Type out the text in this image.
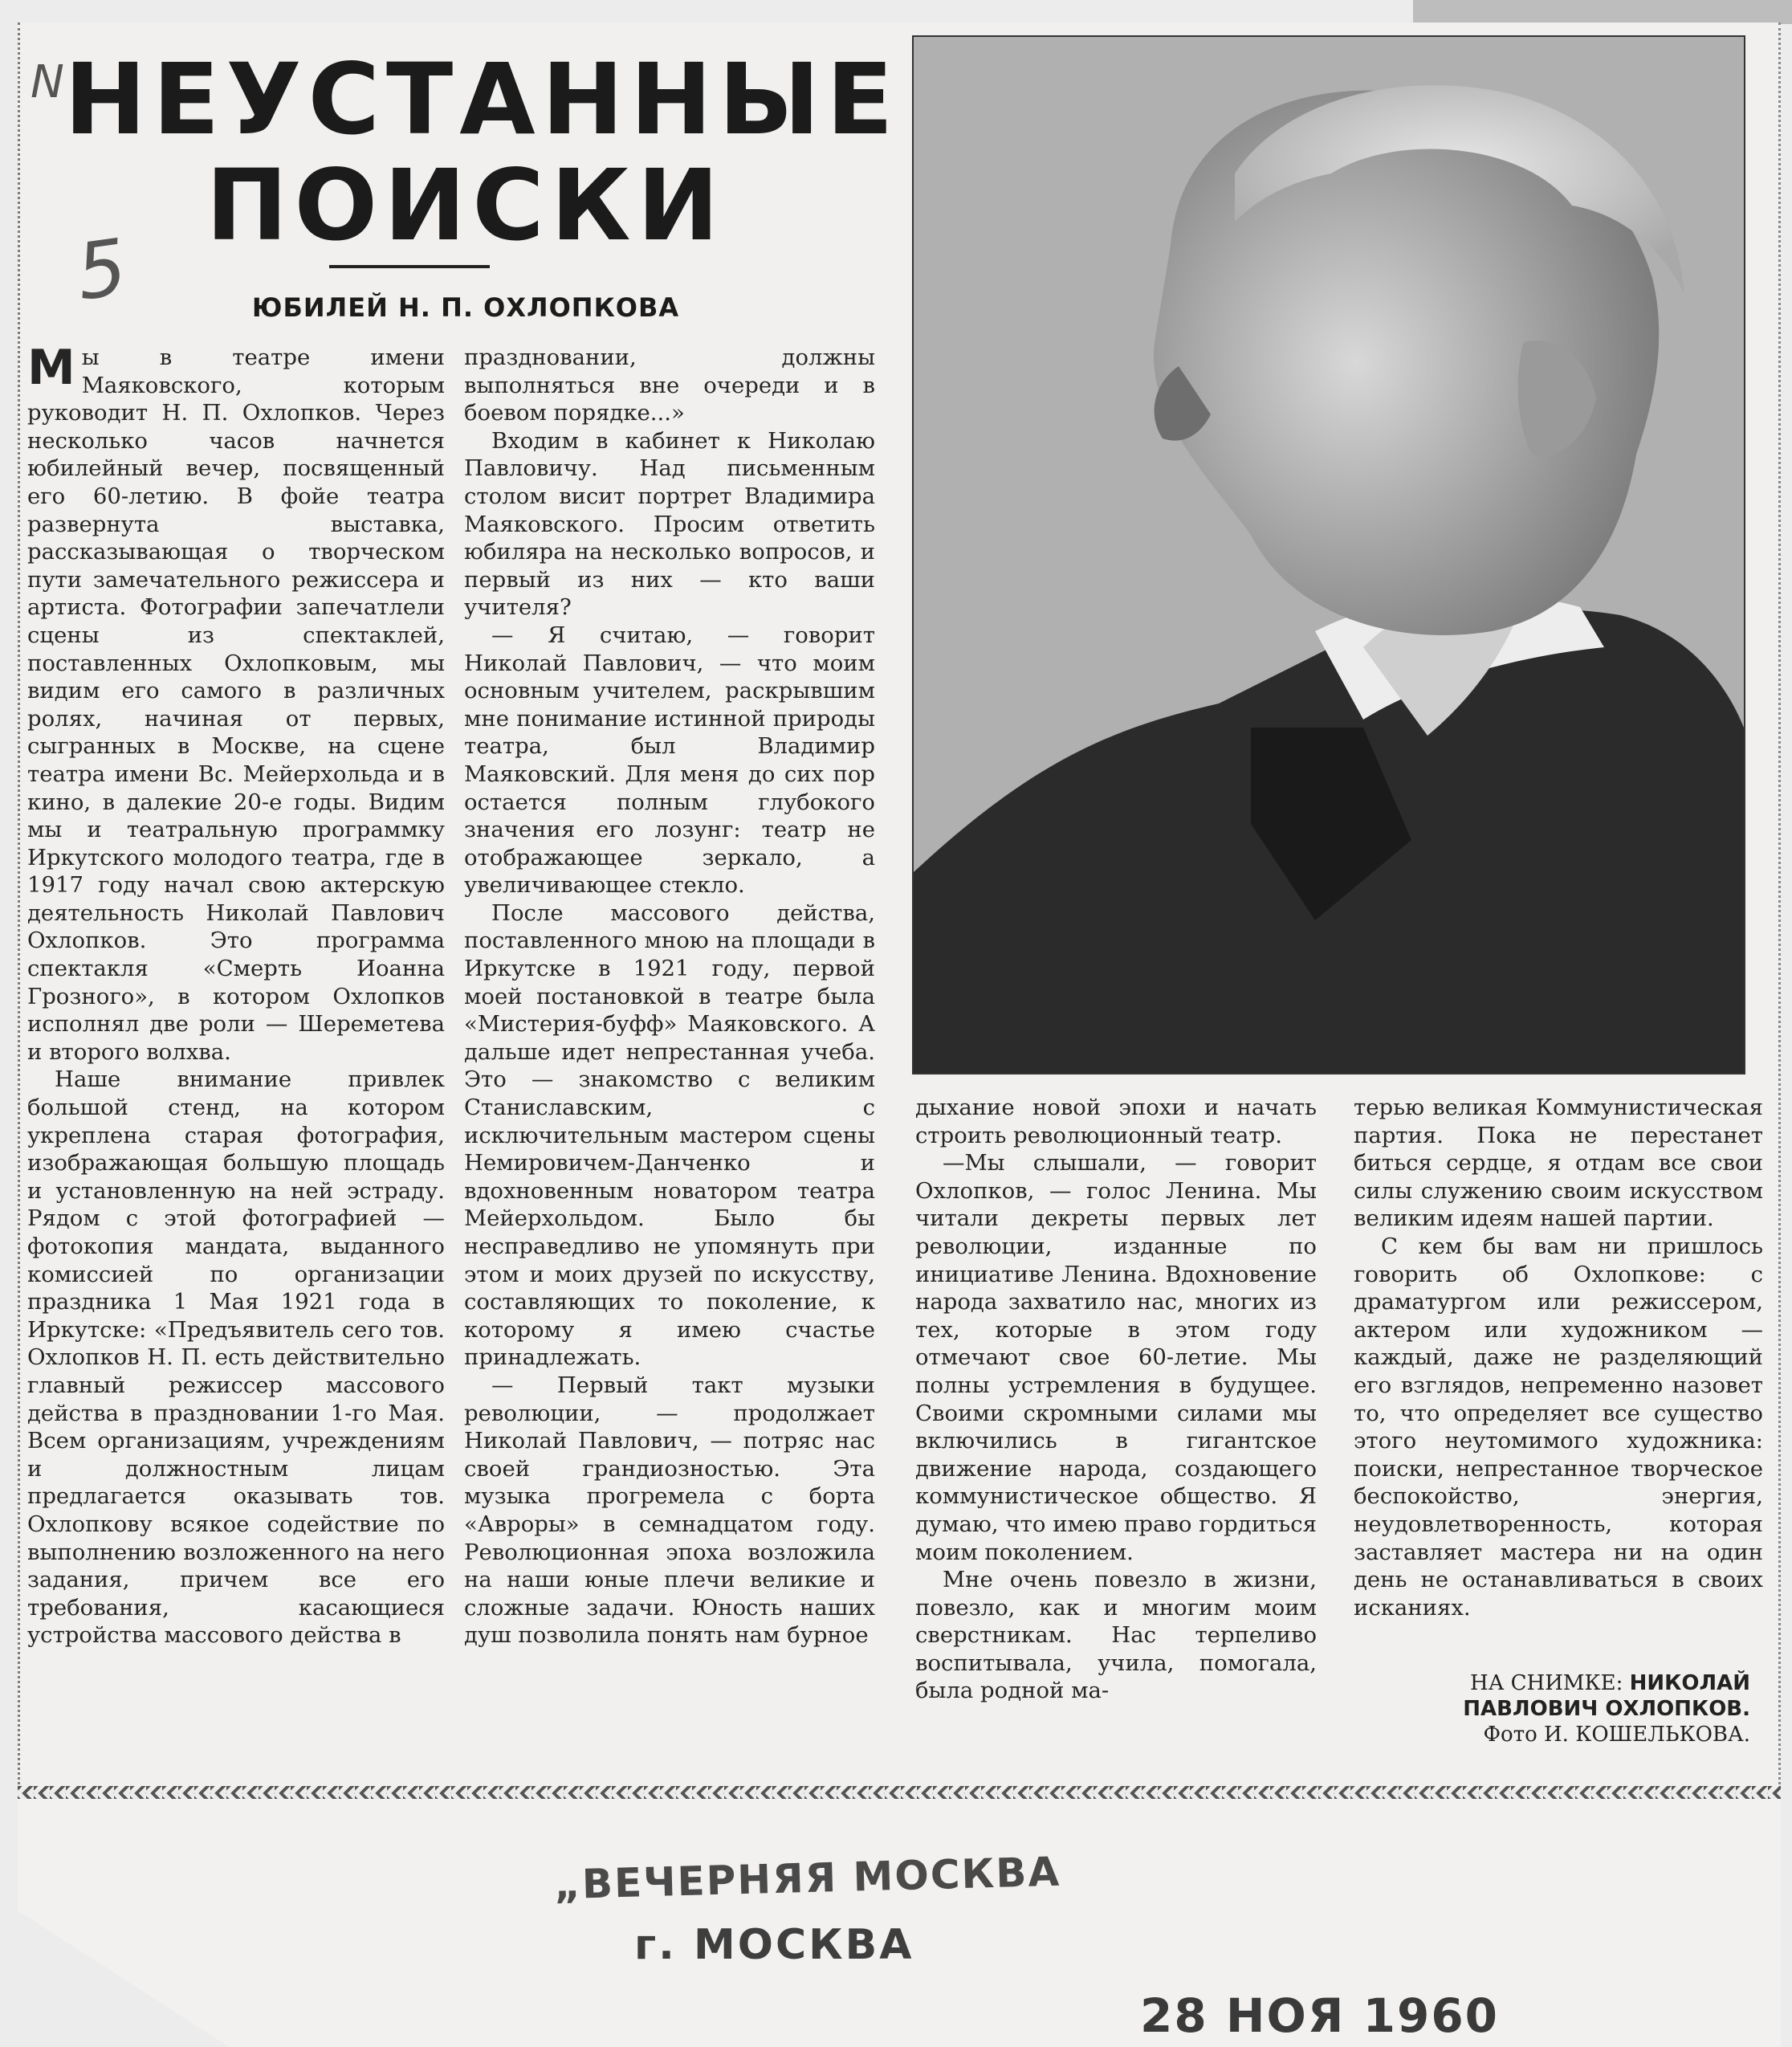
N
5
НЕУСТАННЫЕ
ПОИСКИ
ЮБИЛЕЙ Н. П. ОХЛОПКОВА

Мы в театре имени Маяковского, которым руководит Н. П. Охлопков. Через несколько часов начнется юбилейный вечер, посвященный его 60-летию. В фойе театра развернута выставка, рассказывающая о творческом пути замечательного режиссера и артиста. Фотографии запечатлели сцены из спектаклей, поставленных Охлопковым, мы видим его самого в различных ролях, начиная от первых, сыгранных в Москве, на сцене театра имени Вс. Мейерхольда и в кино, в далекие 20-е годы. Видим мы и театральную программку Иркутского молодого театра, где в 1917 году начал свою актерскую деятельность Николай Павлович Охлопков. Это программа спектакля «Смерть Иоанна Грозного», в котором Охлопков исполнял две роли — Шереметева и второго волхва.

Наше внимание привлек большой стенд, на котором укреплена старая фотография, изображающая большую площадь и установленную на ней эстраду. Рядом с этой фотографией — фотокопия мандата, выданного комиссией по организации праздника 1 Мая 1921 года в Иркутске: «Предъявитель сего тов. Охлопков Н. П. есть действительно главный режиссер массового действа в праздновании 1-го Мая. Всем организациям, учреждениям и должностным лицам предлагается оказывать тов. Охлопкову всякое содействие по выполнению возложенного на него задания, причем все его требования, касающиеся устройства массового действа в

праздновании, должны выполняться вне очереди и в боевом порядке...»

Входим в кабинет к Николаю Павловичу. Над письменным столом висит портрет Владимира Маяковского. Просим ответить юбиляра на несколько вопросов, и первый из них — кто ваши учителя?

— Я считаю, — говорит Николай Павлович, — что моим основным учителем, раскрывшим мне понимание истинной природы театра, был Владимир Маяковский. Для меня до сих пор остается полным глубокого значения его лозунг: театр не отображающее зеркало, а увеличивающее стекло.

После массового действа, поставленного мною на площади в Иркутске в 1921 году, первой моей постановкой в театре была «Мистерия-буфф» Маяковского. А дальше идет непрестанная учеба. Это — знакомство с великим Станиславским, с исключительным мастером сцены Немировичем-Данченко и вдохновенным новатором театра Мейерхольдом. Было бы несправедливо не упомянуть при этом и моих друзей по искусству, составляющих то поколение, к которому я имею счастье принадлежать.

— Первый такт музыки революции, — продолжает Николай Павлович, — потряс нас своей грандиозностью. Эта музыка прогремела с борта «Авроры» в семнадцатом году. Революционная эпоха возложила на наши юные плечи великие и сложные задачи. Юность наших душ позволила понять нам бурное

дыхание новой эпохи и начать строить революционный театр.

—Мы слышали, — говорит Охлопков, — голос Ленина. Мы читали декреты первых лет революции, изданные по инициативе Ленина. Вдохновение народа захватило нас, многих из тех, которые в этом году отмечают свое 60-летие. Мы полны устремления в будущее. Своими скромными силами мы включились в гигантское движение народа, создающего коммунистическое общество. Я думаю, что имею право гордиться моим поколением.

Мне очень повезло в жизни, повезло, как и многим моим сверстникам. Нас терпеливо воспитывала, учила, помогала, была родной ма-

терью великая Коммунистическая партия. Пока не перестанет биться сердце, я отдам все свои силы служению своим искусством великим идеям нашей партии.

С кем бы вам ни пришлось говорить об Охлопкове: с драматургом или режиссером, актером или художником — каждый, даже не разделяющий его взглядов, непременно назовет то, что определяет все существо этого неутомимого художника: поиски, непрестанное творческое беспокойство, энергия, неудовлетворенность, которая заставляет мастера ни на один день не останавливаться в своих исканиях.

НА СНИМКЕ: НИКОЛАЙ ПАВЛОВИЧ ОХЛОПКОВ.
Фото И. КОШЕЛЬКОВА.
„ВЕЧЕРНЯЯ МОСКВА
г. МОСКВА
28 НОЯ 1960
